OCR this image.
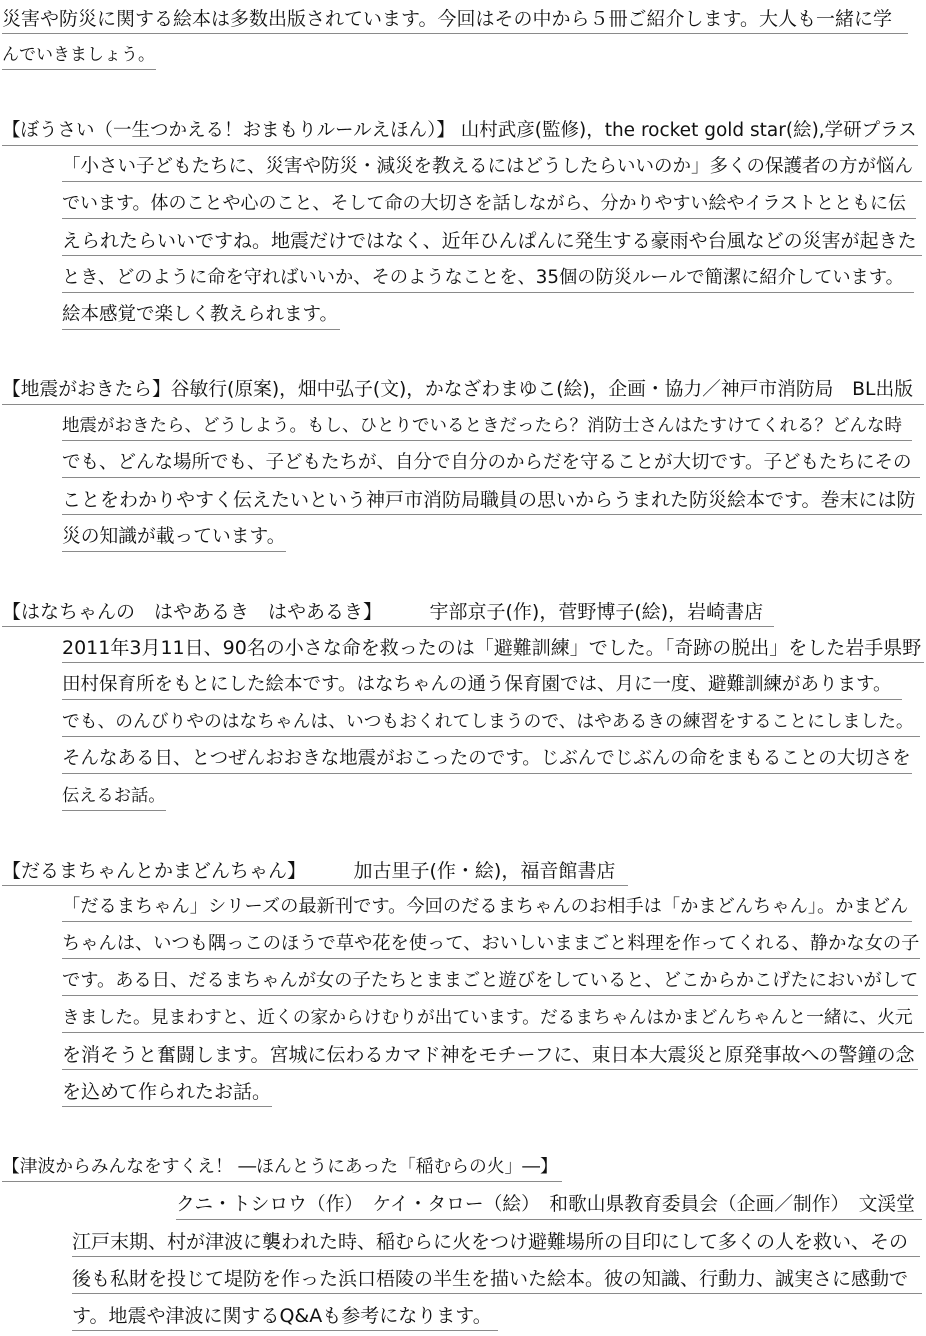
災害や防災に関する絵本は多数出版されています。今回はその中から５冊ご紹介します。大人も一緒に学
んでいきましょう。
【ぼうさい（一生つかえる！おまもりルールえほん）】 山村武彦(監修)，the rocket gold star(絵),学研プラス
「小さい子どもたちに、災害や防災・減災を教えるにはどうしたらいいのか」多くの保護者の方が悩ん
でいます。体のことや心のこと、そして命の大切さを話しながら、分かりやすい絵やイラストとともに伝
えられたらいいですね。地震だけではなく、近年ひんぱんに発生する豪雨や台風などの災害が起きた
とき、どのように命を守ればいいか、そのようなことを、35個の防災ルールで簡潔に紹介しています。
絵本感覚で楽しく教えられます。
【地震がおきたら】谷敏行(原案)，畑中弘子(文)，かなざわまゆこ(絵)，企画・協力／神戸市消防局　BL出版
地震がおきたら、どうしよう。もし、ひとりでいるときだったら？消防士さんはたすけてくれる？どんな時
でも、どんな場所でも、子どもたちが、自分で自分のからだを守ることが大切です。子どもたちにその
ことをわかりやすく伝えたいという神戸市消防局職員の思いからうまれた防災絵本です。巻末には防
災の知識が載っています。
【はなちゃんの　はやあるき　はやあるき】　　　宇部京子(作)，菅野博子(絵)，岩崎書店
2011年3月11日、90名の小さな命を救ったのは「避難訓練」でした。「奇跡の脱出」をした岩手県野
田村保育所をもとにした絵本です。はなちゃんの通う保育園では、月に一度、避難訓練があります。
でも、のんびりやのはなちゃんは、いつもおくれてしまうので、はやあるきの練習をすることにしました。
そんなある日、とつぜんおおきな地震がおこったのです。じぶんでじぶんの命をまもることの大切さを
伝えるお話。
【だるまちゃんとかまどんちゃん】　　　加古里子(作・絵)，福音館書店
「だるまちゃん」シリーズの最新刊です。今回のだるまちゃんのお相手は「かまどんちゃん」。かまどん
ちゃんは、いつも隅っこのほうで草や花を使って、おいしいままごと料理を作ってくれる、静かな女の子
です。ある日、だるまちゃんが女の子たちとままごと遊びをしていると、どこからかこげたにおいがして
きました。見まわすと、近くの家からけむりが出ています。だるまちゃんはかまどんちゃんと一緒に、火元
を消そうと奮闘します。宮城に伝わるカマド神をモチーフに、東日本大震災と原発事故への警鐘の念
を込めて作られたお話。
【津波からみんなをすくえ！ ―ほんとうにあった「稲むらの火」―】
クニ・トシロウ（作）　ケイ・タロー（絵）　和歌山県教育委員会（企画／制作）　文渓堂
江戸末期、村が津波に襲われた時、稲むらに火をつけ避難場所の目印にして多くの人を救い、その
後も私財を投じて堤防を作った浜口梧陵の半生を描いた絵本。彼の知識、行動力、誠実さに感動で
す。地震や津波に関するQ&Aも参考になります。
